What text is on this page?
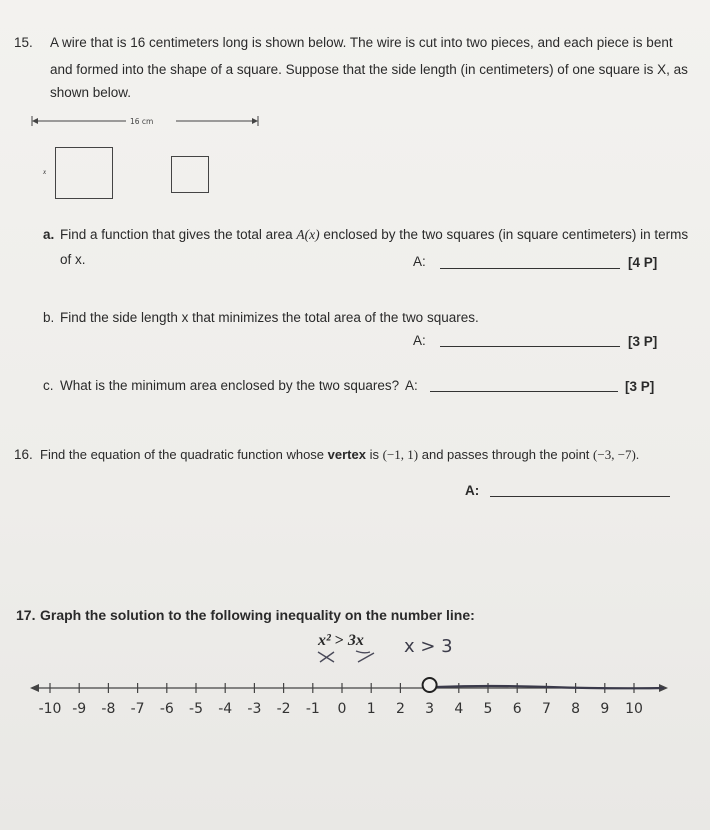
15. A wire that is 16 centimeters long is shown below. The wire is cut into two pieces, and each piece is bent
and formed into the shape of a square. Suppose that the side length (in centimeters) of one square is X, as
shown below.
16 cm
x
a. Find a function that gives the total area A(x) enclosed by the two squares (in square centimeters) in terms
of x.	A:	[4 P]
b. Find the side length x that minimizes the total area of the two squares.
A:	[3 P]
c. What is the minimum area enclosed by the two squares? A:	[3 P]
16. Find the equation of the quadratic function whose vertex is (−1, 1) and passes through the point (−3, −7).
A:
17. Graph the solution to the following inequality on the number line:
x² > 3x x > 3
-10 -9 -8 -7 -6 -5 -4 -3 -2 -1 0 1 2 3 4 5 6 7 8 9 10
